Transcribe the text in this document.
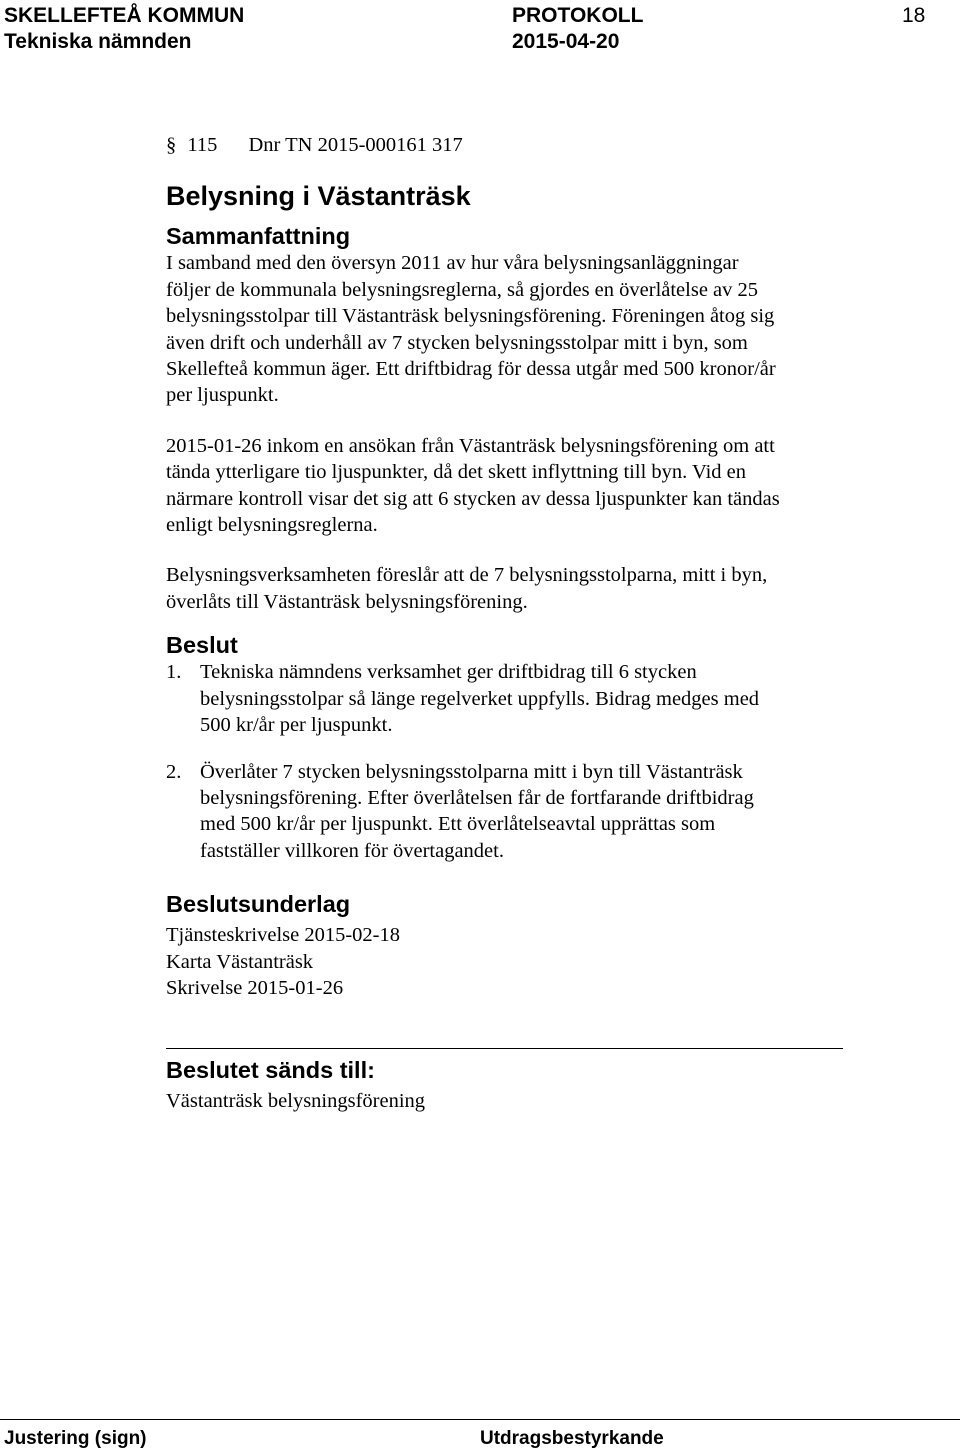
SKELLEFTEÅ KOMMUN
Tekniska nämnden
PROTOKOLL
2015-04-20
18
§ 115 Dnr TN 2015-000161 317
Belysning i Västanträsk
Sammanfattning
I samband med den översyn 2011 av hur våra belysningsanläggningar
följer de kommunala belysningsreglerna, så gjordes en överlåtelse av 25
belysningsstolpar till Västanträsk belysningsförening. Föreningen åtog sig
även drift och underhåll av 7 stycken belysningsstolpar mitt i byn, som
Skellefteå kommun äger. Ett driftbidrag för dessa utgår med 500 kronor/år
per ljuspunkt.
2015-01-26 inkom en ansökan från Västanträsk belysningsförening om att
tända ytterligare tio ljuspunkter, då det skett inflyttning till byn. Vid en
närmare kontroll visar det sig att 6 stycken av dessa ljuspunkter kan tändas
enligt belysningsreglerna.
Belysningsverksamheten föreslår att de 7 belysningsstolparna, mitt i byn,
överlåts till Västanträsk belysningsförening.
Beslut
1. Tekniska nämndens verksamhet ger driftbidrag till 6 stycken
belysningsstolpar så länge regelverket uppfylls. Bidrag medges med
500 kr/år per ljuspunkt.
2. Överlåter 7 stycken belysningsstolparna mitt i byn till Västanträsk
belysningsförening. Efter överlåtelsen får de fortfarande driftbidrag
med 500 kr/år per ljuspunkt. Ett överlåtelseavtal upprättas som
fastställer villkoren för övertagandet.
Beslutsunderlag
Tjänsteskrivelse 2015-02-18
Karta Västanträsk
Skrivelse 2015-01-26
Beslutet sänds till:
Västanträsk belysningsförening
Justering (sign)	Utdragsbestyrkande
